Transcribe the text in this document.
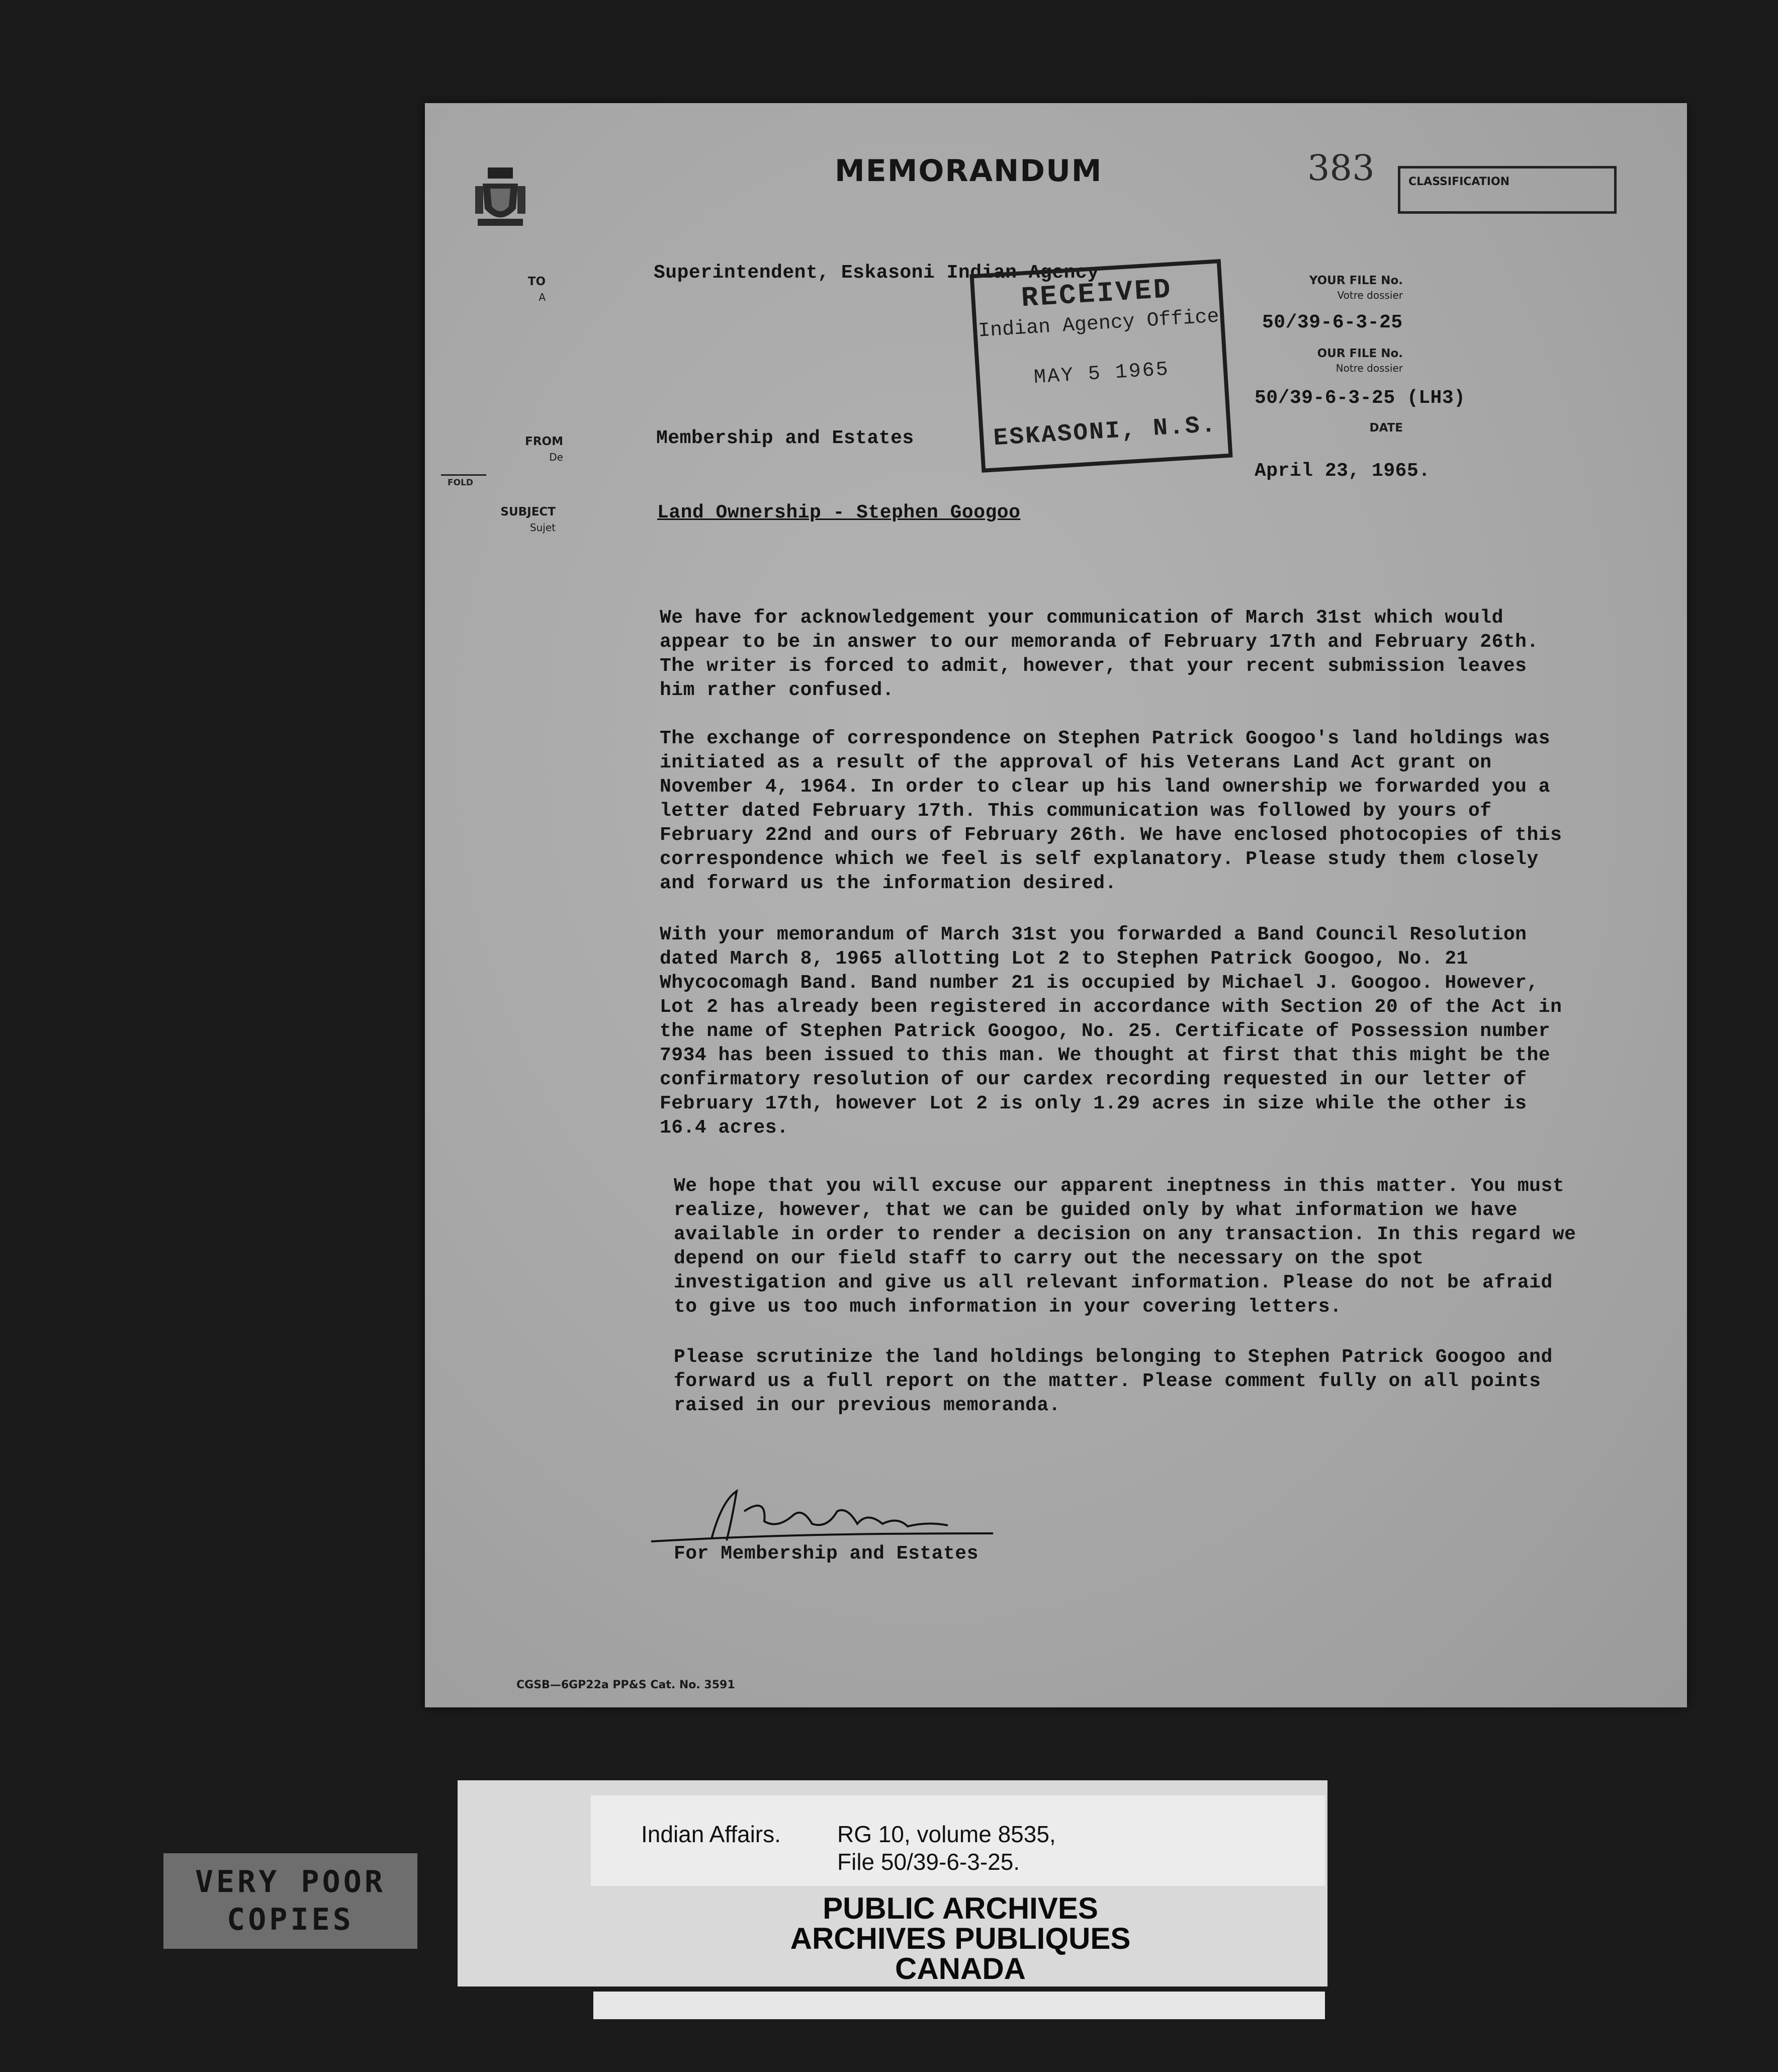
MEMORANDUM	383	CLASSIFICATION
TO
A
FROM
De
FOLD
SUBJECT
Sujet
Superintendent, Eskasoni Indian Agency
Membership and Estates
Land Ownership - Stephen Googoo
YOUR FILE No.
Votre dossier
50/39-6-3-25
OUR FILE No.
Notre dossier
50/39-6-3-25 (LH3)
DATE
April 23, 1965.
RECEIVED
Indian Agency Office
MAY 5 1965
ESKASONI, N.S.
We have for acknowledgement your communication of March 31st which would appear to be in answer to our memoranda of February 17th and February 26th. The writer is forced to admit, however, that your recent submission leaves him rather confused.
The exchange of correspondence on Stephen Patrick Googoo's land holdings was initiated as a result of the approval of his Veterans Land Act grant on November 4, 1964. In order to clear up his land ownership we forwarded you a letter dated February 17th. This communication was followed by yours of February 22nd and ours of February 26th. We have enclosed photocopies of this correspondence which we feel is self explanatory. Please study them closely and forward us the information desired.
With your memorandum of March 31st you forwarded a Band Council Resolution dated March 8, 1965 allotting Lot 2 to Stephen Patrick Googoo, No. 21 Whycocomagh Band. Band number 21 is occupied by Michael J. Googoo. However, Lot 2 has already been registered in accordance with Section 20 of the Act in the name of Stephen Patrick Googoo, No. 25. Certificate of Possession number 7934 has been issued to this man. We thought at first that this might be the confirmatory resolution of our cardex recording requested in our letter of February 17th, however Lot 2 is only 1.29 acres in size while the other is 16.4 acres.
We hope that you will excuse our apparent ineptness in this matter. You must realize, however, that we can be guided only by what information we have available in order to render a decision on any transaction. In this regard we depend on our field staff to carry out the necessary on the spot investigation and give us all relevant information. Please do not be afraid to give us too much information in your covering letters.
Please scrutinize the land holdings belonging to Stephen Patrick Googoo and forward us a full report on the matter. Please comment fully on all points raised in our previous memoranda.
For Membership and Estates
CGSB—6GP22a PP&S Cat. No. 3591
Indian Affairs. RG 10, volume 8535,
File 50/39-6-3-25.
PUBLIC ARCHIVES
ARCHIVES PUBLIQUES
CANADA
VERY POOR
COPIES
